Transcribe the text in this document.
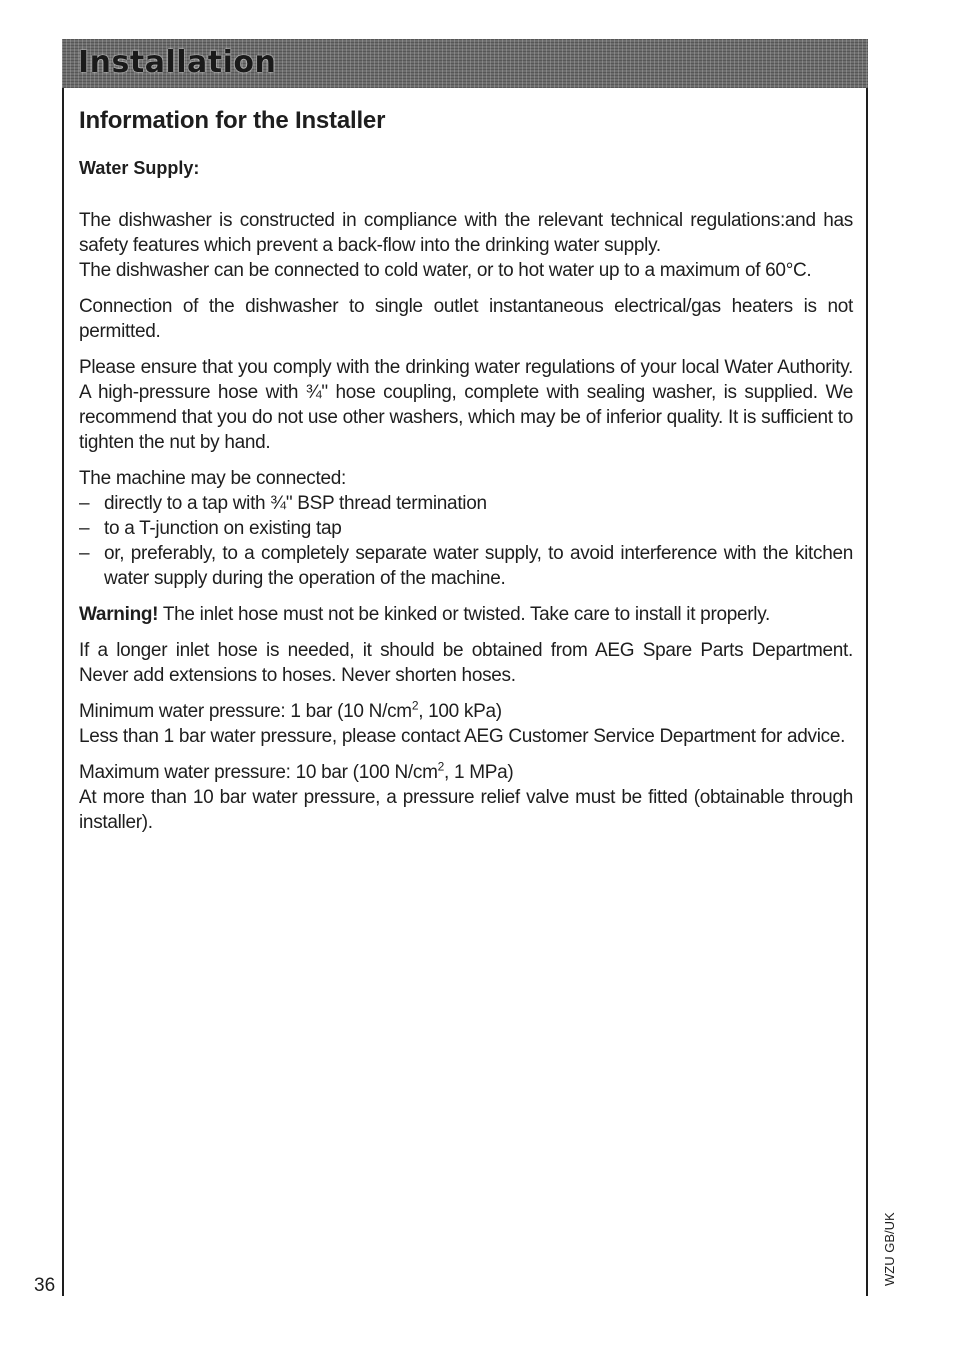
Installation
Information for the Installer
Water Supply:

The dishwasher is constructed in compliance with the relevant technical regulations:and has safety features which prevent a back-flow into the drinking water supply.

The dishwasher can be connected to cold water, or to hot water up to a maximum of 60°C.

Connection of the dishwasher to single outlet instantaneous electrical/gas heaters is not permitted.

Please ensure that you comply with the drinking water regulations of your local Water Authority. A high-pressure hose with ¾" hose coupling, complete with sealing washer, is supplied. We recommend that you do not use other washers, which may be of inferior quality. It is sufficient to tighten the nut by hand.

The machine may be connected:

– directly to a tap with ¾" BSP thread termination
– to a T-junction on existing tap
– or, preferably, to a completely separate water supply, to avoid interference with the kitchen water supply during the operation of the machine.

Warning! The inlet hose must not be kinked or twisted. Take care to install it properly.

If a longer inlet hose is needed, it should be obtained from AEG Spare Parts Department. Never add extensions to hoses. Never shorten hoses.

Minimum water pressure: 1 bar (10 $N/cm^2$, 100 kPa)

Less than 1 bar water pressure, please contact AEG Customer Service Department for advice.

Maximum water pressure: 10 bar (100 $N/cm^2$, 1 MPa)

At more than 10 bar water pressure, a pressure relief valve must be fitted (obtainable through installer).

36	WZU GB/UK
